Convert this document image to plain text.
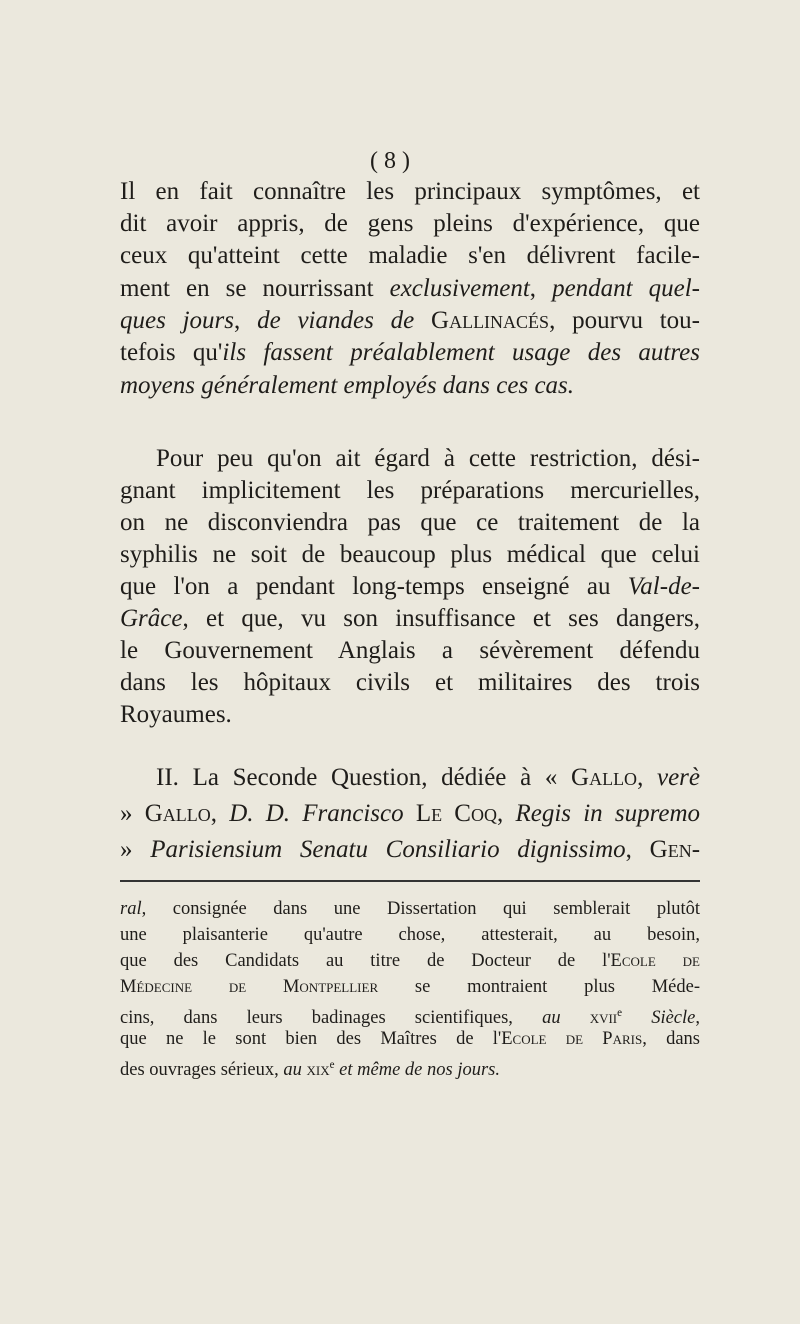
( 8 )
Il en fait connaître les principaux symptômes, et
dit avoir appris, de gens pleins d'expérience, que
ceux qu'atteint cette maladie s'en délivrent facile-
ment en se nourrissant exclusivement, pendant quel-
ques jours, de viandes de Gallinacés, pourvu tou-
tefois qu'ils fassent préalablement usage des autres
moyens généralement employés dans ces cas.
Pour peu qu'on ait égard à cette restriction, dési-
gnant implicitement les préparations mercurielles,
on ne disconviendra pas que ce traitement de la
syphilis ne soit de beaucoup plus médical que celui
que l'on a pendant long-temps enseigné au Val-de-
Grâce, et que, vu son insuffisance et ses dangers,
le Gouvernement Anglais a sévèrement défendu
dans les hôpitaux civils et militaires des trois
Royaumes.
II. La Seconde Question, dédiée à « Gallo, verè
» Gallo, D. D. Francisco Le Coq, Regis in supremo
» Parisiensium Senatu Consiliario dignissimo, Gen-
ral, consignée dans une Dissertation qui semblerait plutôt
une plaisanterie qu'autre chose, attesterait, au besoin,
que des Candidats au titre de Docteur de l'Ecole de
Médecine de Montpellier se montraient plus Méde-
cins, dans leurs badinages scientifiques, au xvii$^e$ Siècle,
que ne le sont bien des Maîtres de l'Ecole de Paris, dans
des ouvrages sérieux, au xix$^e$ et même de nos jours.
